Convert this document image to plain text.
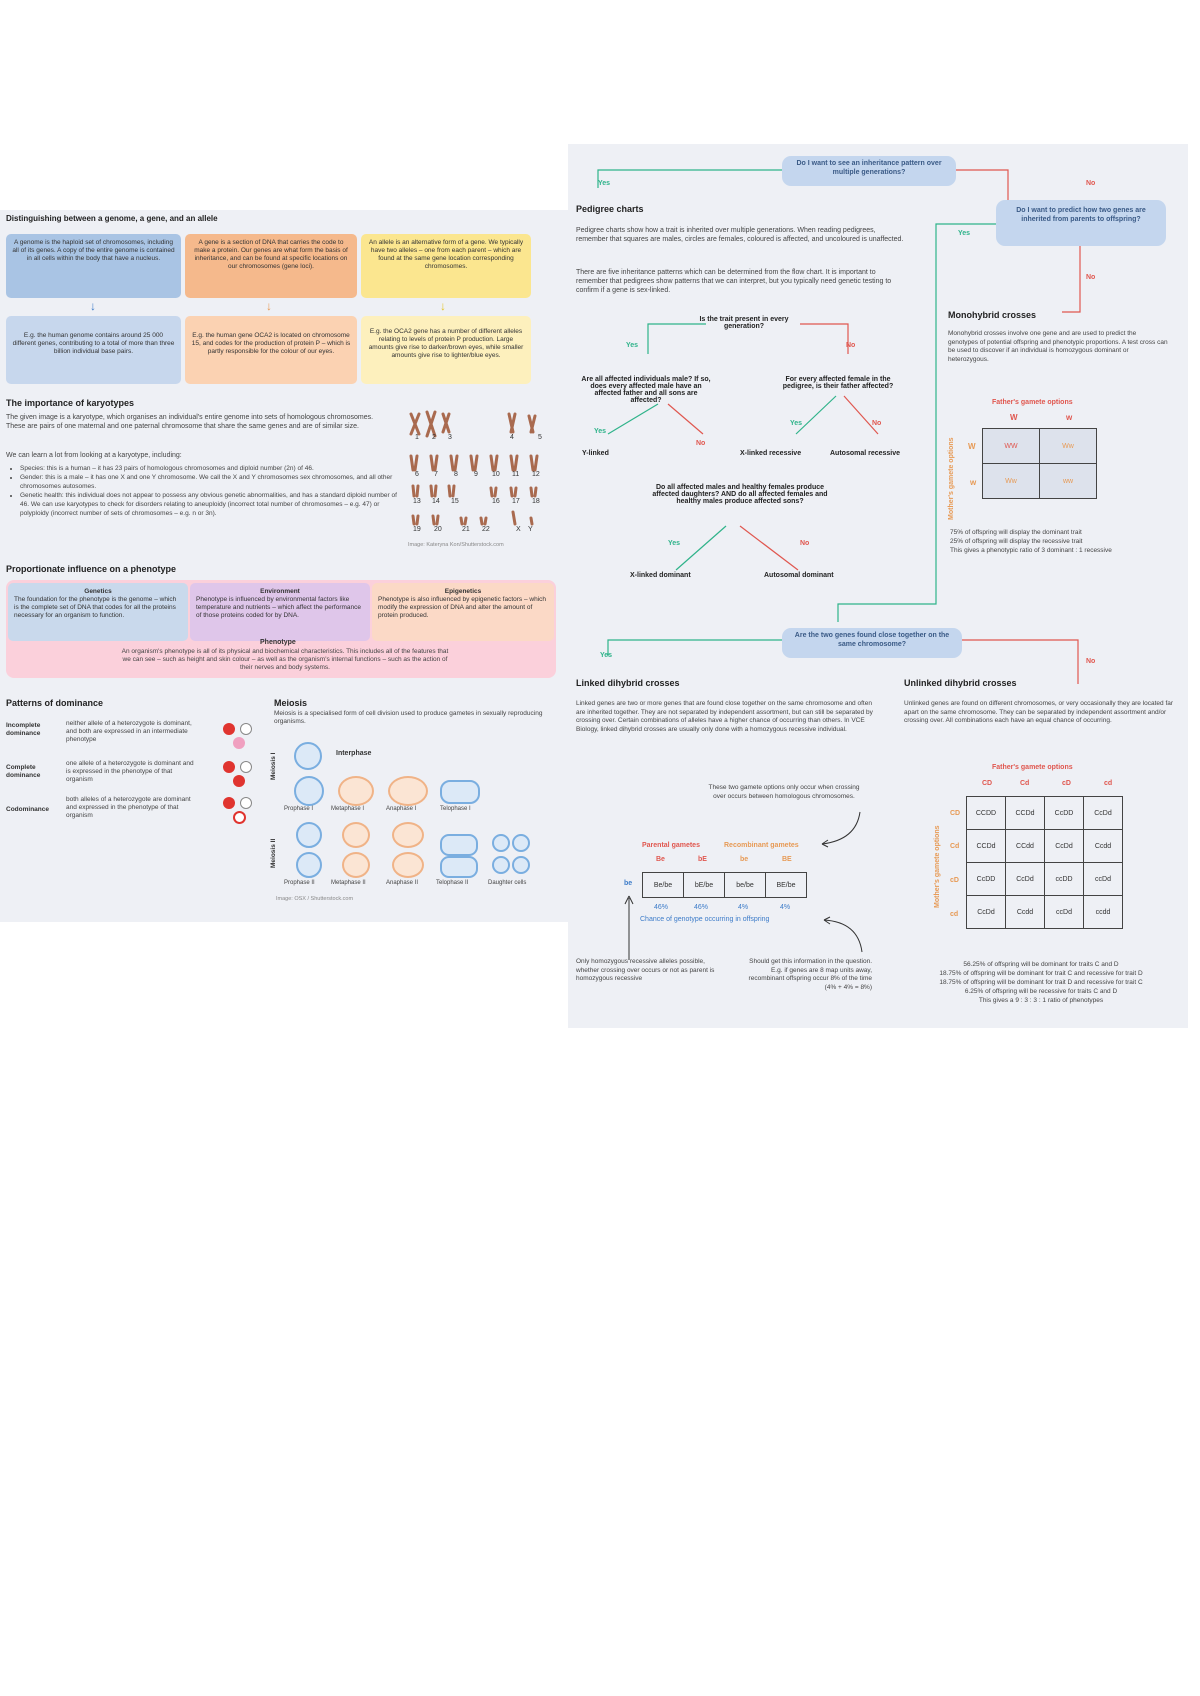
Distinguishing between a genome, a gene, and an allele
A genome is the haploid set of chromosomes, including all of its genes. A copy of the entire genome is contained in all cells within the body that have a nucleus.
A gene is a section of DNA that carries the code to make a protein. Our genes are what form the basis of inheritance, and can be found at specific locations on our chromosomes (gene loci).
An allele is an alternative form of a gene. We typically have two alleles – one from each parent – which are found at the same gene location corresponding chromosomes.
↓	↓	↓
E.g. the human genome contains around 25 000 different genes, contributing to a total of more than three billion individual base pairs.
E.g. the human gene OCA2 is located on chromosome 15, and codes for the production of protein P – which is partly responsible for the colour of our eyes.
E.g. the OCA2 gene has a number of different alleles relating to levels of protein P production. Large amounts give rise to darker/brown eyes, while smaller amounts give rise to lighter/blue eyes.
The importance of karyotypes
The given image is a karyotype, which organises an individual's entire genome into sets of homologous chromosomes. These are pairs of one maternal and one paternal chromosome that share the same genes and are of similar size.
We can learn a lot from looking at a karyotype, including:
• Species: this is a human – it has 23 pairs of homologous chromosomes and diploid number (2n) of 46.
• Gender: this is a male – it has one X and one Y chromosome. We call the X and Y chromosomes sex chromosomes, and all other chromosomes autosomes.
• Genetic health: this individual does not appear to possess any obvious genetic abnormalities, and has a standard diploid number of 46. We can use karyotypes to check for disorders relating to aneuploidy (incorrect total number of chromosomes – e.g. 47) or polyploidy (incorrect number of sets of chromosomes – e.g. n or 3n).
1 2 3	4	5
6 7 8 9 10 11 12
13 14 15	16 17 18
19 20	21 22	X Y
Image: Kateryna Kon/Shutterstock.com
Proportionate influence on a phenotype
Genetics
The foundation for the phenotype is the genome – which is the complete set of DNA that codes for all the proteins necessary for an organism to function.
Environment
Phenotype is influenced by environmental factors like temperature and nutrients – which affect the performance of those proteins coded for by DNA.
Epigenetics
Phenotype is also influenced by epigenetic factors – which modify the expression of DNA and alter the amount of protein produced.
Phenotype
An organism's phenotype is all of its physical and biochemical characteristics. This includes all of the features that we can see – such as height and skin colour – as well as the organism's internal functions – such as the action of their nerves and body systems.
Patterns of dominance
Incomplete dominance
neither allele of a heterozygote is dominant, and both are expressed in an intermediate phenotype
Complete dominance
one allele of a heterozygote is dominant and is expressed in the phenotype of that organism
Codominance
both alleles of a heterozygote are dominant and expressed in the phenotype of that organism
Meiosis
Meiosis is a specialised form of cell division used to produce gametes in sexually reproducing organisms.
Interphase
Meiosis I
Prophase I	Metaphase I	Anaphase I	Telophase I
Meiosis II
Prophase II	Metaphase II	Anaphase II	Telophase II	Daughter cells
Image: OSX / Shutterstock.com
Do I want to see an inheritance pattern over multiple generations?
Yes	No
Do I want to predict how two genes are inherited from parents to offspring?
Yes
No
Pedigree charts
Pedigree charts show how a trait is inherited over multiple generations. When reading pedigrees, remember that squares are males, circles are females, coloured is affected, and uncoloured is unaffected.
There are five inheritance patterns which can be determined from the flow chart. It is important to remember that pedigrees show patterns that we can interpret, but you typically need genetic testing to confirm if a gene is sex-linked.
Is the trait present in every generation?
Yes	No
Are all affected individuals male? If so, does every affected male have an affected father and all sons are affected?
For every affected female in the pedigree, is their father affected?
Yes
No
Yes	No
Y-linked	X-linked recessive	Autosomal recessive
Do all affected males and healthy females produce affected daughters? AND do all affected females and healthy males produce affected sons?
Yes	No
X-linked dominant	Autosomal dominant
Monohybrid crosses
Monohybrid crosses involve one gene and are used to predict the genotypes of potential offspring and phenotypic proportions. A test cross can be used to discover if an individual is homozygous dominant or heterozygous.
Father's gamete options
Mother's gamete options
W	w
W
w
WW	Ww
Ww	ww
75% of offspring will display the dominant trait
25% of offspring will display the recessive trait
This gives a phenotypic ratio of 3 dominant : 1 recessive
Are the two genes found close together on the same chromosome?
Yes
No
Linked dihybrid crosses
Linked genes are two or more genes that are found close together on the same chromosome and often are inherited together. They are not separated by independent assortment, but can still be separated by crossing over. Certain combinations of alleles have a higher chance of occurring than others. In VCE Biology, linked dihybrid crosses are usually only done with a homozygous recessive individual.
These two gamete options only occur when crossing over occurs between homologous chromosomes.
Parental gametes	Recombinant gametes
Be	bE	be	BE
be	Be/be	bE/be	be/be	BE/be
46%	46%	4%	4%
Chance of genotype occurring in offspring
Only homozygous recessive alleles possible, whether crossing over occurs or not as parent is homozygous recessive
Should get this information in the question. E.g. if genes are 8 map units away, recombinant offspring occur 8% of the time (4% + 4% = 8%)
Unlinked dihybrid crosses
Unlinked genes are found on different chromosomes, or very occasionally they are located far apart on the same chromosome. They can be separated by independent assortment and/or crossing over. All combinations each have an equal chance of occurring.
Father's gamete options
Mother's gamete options
CD	Cd	cD	cd
CD
Cd
cD
cd
CCDD	CCDd	CcDD	CcDd
CCDd	CCdd	CcDd	Ccdd
CcDD	CcDd	ccDD	ccDd
CcDd	Ccdd	ccDd	ccdd
56.25% of offspring will be dominant for traits C and D
18.75% of offspring will be dominant for trait C and recessive for trait D
18.75% of offspring will be dominant for trait D and recessive for trait C
6.25% of offspring will be recessive for traits C and D
This gives a 9 : 3 : 3 : 1 ratio of phenotypes
